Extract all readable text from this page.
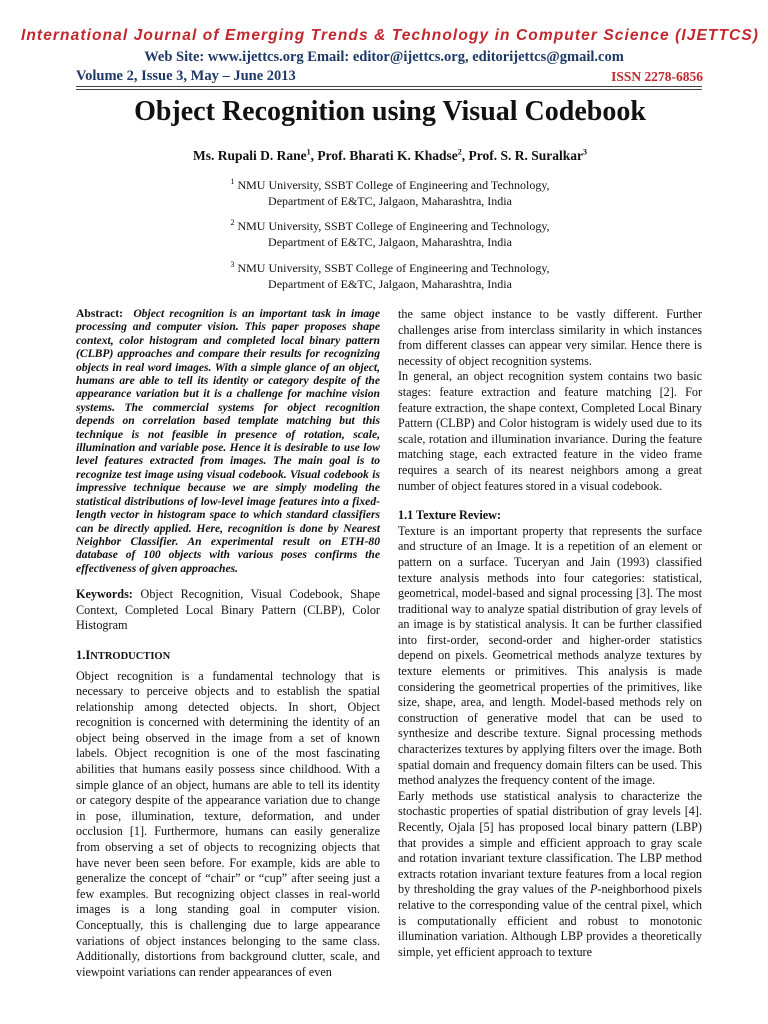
International Journal of Emerging Trends & Technology in Computer Science (IJETTCS)
Web Site: www.ijettcs.org Email: editor@ijettcs.org, editorijettcs@gmail.com
Volume 2, Issue 3, May – June 2013	ISSN 2278-6856
Object Recognition using Visual Codebook
Ms. Rupali D. Rane$^1$, Prof. Bharati K. Khadse$^2$, Prof. S. R. Suralkar$^3$
$^1$ NMU University, SSBT College of Engineering and Technology,
Department of E&TC, Jalgaon, Maharashtra, India
$^2$ NMU University, SSBT College of Engineering and Technology,
Department of E&TC, Jalgaon, Maharashtra, India
$^3$ NMU University, SSBT College of Engineering and Technology,
Department of E&TC, Jalgaon, Maharashtra, India

Abstract: Object recognition is an important task in image processing and computer vision. This paper proposes shape context, color histogram and completed local binary pattern (CLBP) approaches and compare their results for recognizing objects in real word images. With a simple glance of an object, humans are able to tell its identity or category despite of the appearance variation but it is a challenge for machine vision systems. The commercial systems for object recognition depends on correlation based template matching but this technique is not feasible in presence of rotation, scale, illumination and variable pose. Hence it is desirable to use low level features extracted from images. The main goal is to recognize test image using visual codebook. Visual codebook is impressive technique because we are simply modeling the statistical distributions of low-level image features into a fixed-length vector in histogram space to which standard classifiers can be directly applied. Here, recognition is done by Nearest Neighbor Classifier. An experimental result on ETH-80 database of 100 objects with various poses confirms the effectiveness of given approaches.

Keywords: Object Recognition, Visual Codebook, Shape Context, Completed Local Binary Pattern (CLBP), Color Histogram

1.INTRODUCTION

Object recognition is a fundamental technology that is necessary to perceive objects and to establish the spatial relationship among detected objects. In short, Object recognition is concerned with determining the identity of an object being observed in the image from a set of known labels. Object recognition is one of the most fascinating abilities that humans easily possess since childhood. With a simple glance of an object, humans are able to tell its identity or category despite of the appearance variation due to change in pose, illumination, texture, deformation, and under occlusion [1]. Furthermore, humans can easily generalize from observing a set of objects to recognizing objects that have never been seen before. For example, kids are able to generalize the concept of “chair” or “cup” after seeing just a few examples. But recognizing object classes in real-world images is a long standing goal in computer vision. Conceptually, this is challenging due to large appearance variations of object instances belonging to the same class. Additionally, distortions from background clutter, scale, and viewpoint variations can render appearances of even

the same object instance to be vastly different. Further challenges arise from interclass similarity in which instances from different classes can appear very similar. Hence there is necessity of object recognition systems.

In general, an object recognition system contains two basic stages: feature extraction and feature matching [2]. For feature extraction, the shape context, Completed Local Binary Pattern (CLBP) and Color histogram is widely used due to its scale, rotation and illumination invariance. During the feature matching stage, each extracted feature in the video frame requires a search of its nearest neighbors among a great number of object features stored in a visual codebook.

1.1 Texture Review:

Texture is an important property that represents the surface and structure of an Image. It is a repetition of an element or pattern on a surface. Tuceryan and Jain (1993) classified texture analysis methods into four categories: statistical, geometrical, model-based and signal processing [3]. The most traditional way to analyze spatial distribution of gray levels of an image is by statistical analysis. It can be further classified into first-order, second-order and higher-order statistics depend on pixels. Geometrical methods analyze textures by texture elements or primitives. This analysis is made considering the geometrical properties of the primitives, like size, shape, area, and length. Model-based methods rely on construction of generative model that can be used to synthesize and describe texture. Signal processing methods characterizes textures by applying filters over the image. Both spatial domain and frequency domain filters can be used. This method analyzes the frequency content of the image.

Early methods use statistical analysis to characterize the stochastic properties of spatial distribution of gray levels [4]. Recently, Ojala [5] has proposed local binary pattern (LBP) that provides a simple and efficient approach to gray scale and rotation invariant texture classification. The LBP method extracts rotation invariant texture features from a local region by thresholding the gray values of the P-neighborhood pixels relative to the corresponding value of the central pixel, which is computationally efficient and robust to monotonic illumination variation. Although LBP provides a theoretically simple, yet efficient approach to texture
